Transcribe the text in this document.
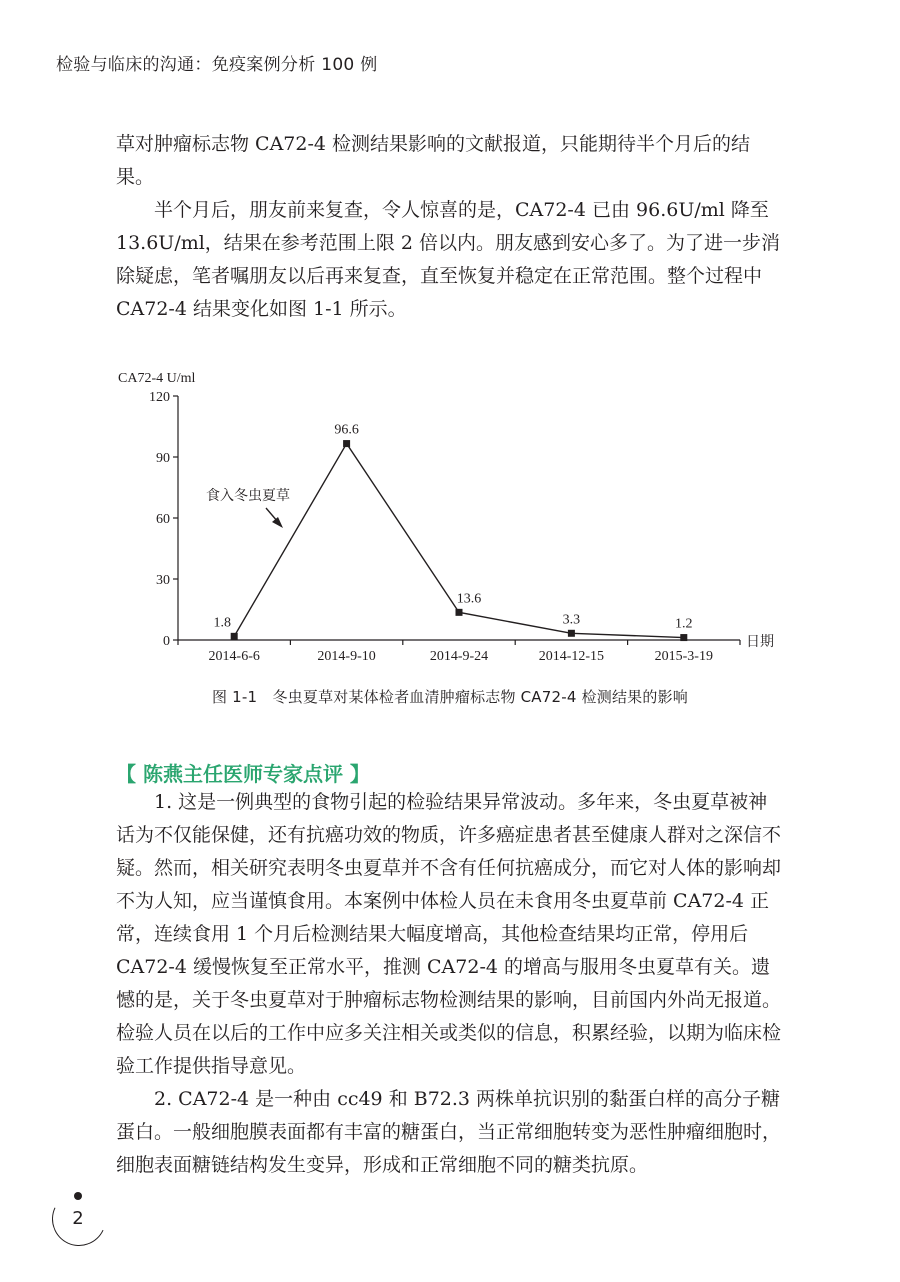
检验与临床的沟通：免疫案例分析 100 例

草对肿瘤标志物 CA72-4 检测结果影响的文献报道，只能期待半个月后的结果。

半个月后，朋友前来复查，令人惊喜的是，CA72-4 已由 96.6U/ml 降至 13.6U/ml，结果在参考范围上限 2 倍以内。朋友感到安心多了。为了进一步消除疑虑，笔者嘱朋友以后再来复查，直至恢复并稳定在正常范围。整个过程中 CA72-4 结果变化如图 1-1 所示。

CA72-4 U/ml
日期
0
30
60
90
120
2014-6-6	2014-9-10	2014-9-24	2014-12-15	2015-3-19
1.8
96.6
13.6
3.3	1.2
食入冬虫夏草
图 1-1　冬虫夏草对某体检者血清肿瘤标志物 CA72-4 检测结果的影响
【 陈燕主任医师专家点评 】

1. 这是一例典型的食物引起的检验结果异常波动。多年来，冬虫夏草被神话为不仅能保健，还有抗癌功效的物质，许多癌症患者甚至健康人群对之深信不疑。然而，相关研究表明冬虫夏草并不含有任何抗癌成分，而它对人体的影响却不为人知，应当谨慎食用。本案例中体检人员在未食用冬虫夏草前 CA72-4 正常，连续食用 1 个月后检测结果大幅度增高，其他检查结果均正常，停用后 CA72-4 缓慢恢复至正常水平，推测 CA72-4 的增高与服用冬虫夏草有关。遗憾的是，关于冬虫夏草对于肿瘤标志物检测结果的影响，目前国内外尚无报道。检验人员在以后的工作中应多关注相关或类似的信息，积累经验，以期为临床检验工作提供指导意见。

2. CA72-4 是一种由 cc49 和 B72.3 两株单抗识别的黏蛋白样的高分子糖蛋白。一般细胞膜表面都有丰富的糖蛋白，当正常细胞转变为恶性肿瘤细胞时，细胞表面糖链结构发生变异，形成和正常细胞不同的糖类抗原。

2
